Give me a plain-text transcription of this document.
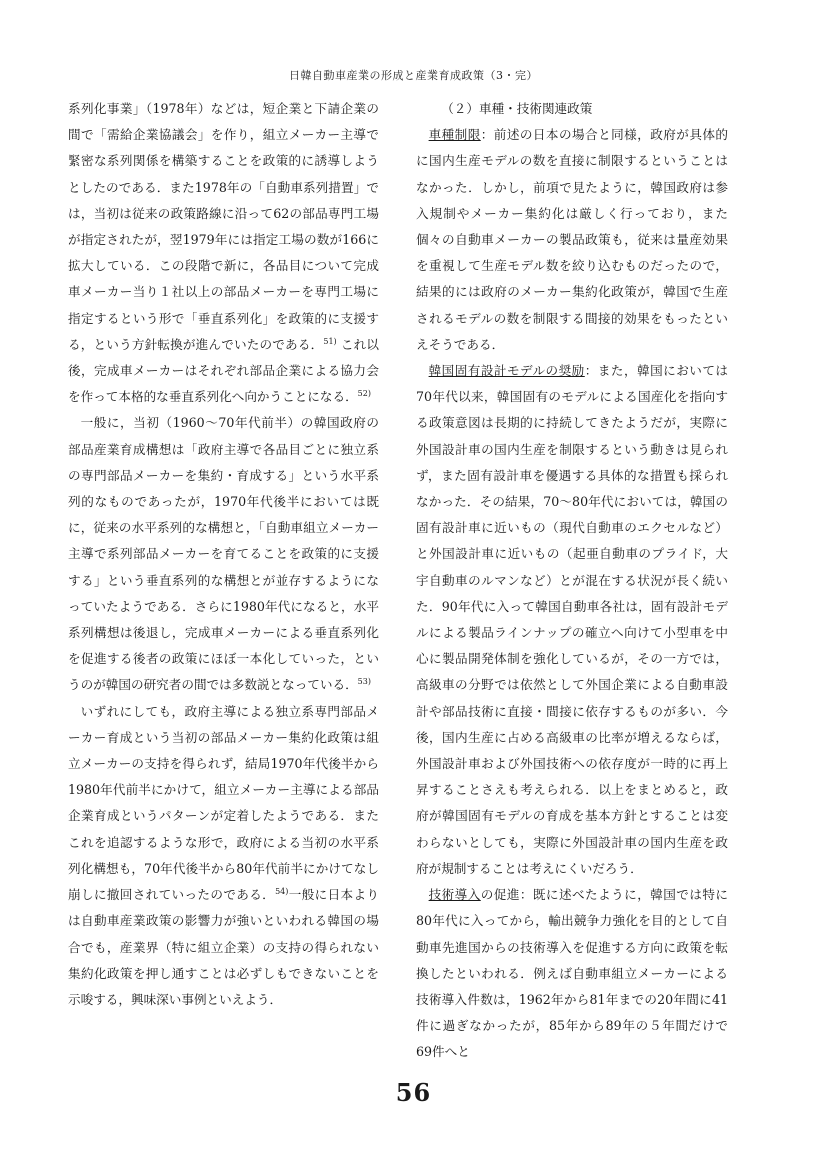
日韓自動車産業の形成と産業育成政策（3・完）

系列化事業」（1978年）などは，短企業と下請企業の間で「需給企業協議会」を作り，組立メーカー主導で緊密な系列関係を構築することを政策的に誘導しようとしたのである．また1978年の「自動車系列措置」では，当初は従来の政策路線に沿って62の部品専門工場が指定されたが，翌1979年には指定工場の数が166に拡大している．この段階で新に，各品目について完成車メーカー当り１社以上の部品メーカーを専門工場に指定するという形で「垂直系列化」を政策的に支援する，という方針転換が進んでいたのである．$^{51)}$ これ以後，完成車メーカーはそれぞれ部品企業による協力会を作って本格的な垂直系列化へ向かうことになる．$^{52)}$

一般に，当初（1960〜70年代前半）の韓国政府の部品産業育成構想は「政府主導で各品目ごとに独立系の専門部品メーカーを集約・育成する」という水平系列的なものであったが，1970年代後半においては既に，従来の水平系列的な構想と，「自動車組立メーカー主導で系列部品メーカーを育てることを政策的に支援する」という垂直系列的な構想とが並存するようになっていたようである．さらに1980年代になると，水平系列構想は後退し，完成車メーカーによる垂直系列化を促進する後者の政策にほぼ一本化していった，というのが韓国の研究者の間では多数説となっている．$^{53)}$

いずれにしても，政府主導による独立系専門部品メーカー育成という当初の部品メーカー集約化政策は組立メーカーの支持を得られず，結局1970年代後半から1980年代前半にかけて，組立メーカー主導による部品企業育成というパターンが定着したようである．またこれを追認するような形で，政府による当初の水平系列化構想も，70年代後半から80年代前半にかけてなし崩しに撤回されていったのである．$^{54)}$一般に日本よりは自動車産業政策の影響力が強いといわれる韓国の場合でも，産業界（特に組立企業）の支持の得られない集約化政策を押し通すことは必ずしもできないことを示唆する，興味深い事例といえよう．

（２）車種・技術関連政策

車種制限：前述の日本の場合と同様，政府が具体的に国内生産モデルの数を直接に制限するということはなかった．しかし，前項で見たように，韓国政府は参入規制やメーカー集約化は厳しく行っており，また個々の自動車メーカーの製品政策も，従来は量産効果を重視して生産モデル数を絞り込むものだったので，結果的には政府のメーカー集約化政策が，韓国で生産されるモデルの数を制限する間接的効果をもったといえそうである．

韓国固有設計モデルの奨励：また，韓国においては70年代以来，韓国固有のモデルによる国産化を指向する政策意図は長期的に持続してきたようだが，実際に外国設計車の国内生産を制限するという動きは見られず，また固有設計車を優遇する具体的な措置も採られなかった．その結果，70〜80年代においては，韓国の固有設計車に近いもの（現代自動車のエクセルなど）と外国設計車に近いもの（起亜自動車のプライド，大宇自動車のルマンなど）とが混在する状況が長く続いた．90年代に入って韓国自動車各社は，固有設計モデルによる製品ラインナップの確立へ向けて小型車を中心に製品開発体制を強化しているが，その一方では，高級車の分野では依然として外国企業による自動車設計や部品技術に直接・間接に依存するものが多い．今後，国内生産に占める高級車の比率が増えるならば，外国設計車および外国技術への依存度が一時的に再上昇することさえも考えられる．以上をまとめると，政府が韓国固有モデルの育成を基本方針とすることは変わらないとしても，実際に外国設計車の国内生産を政府が規制することは考えにくいだろう．

技術導入の促進：既に述べたように，韓国では特に80年代に入ってから，輸出競争力強化を目的として自動車先進国からの技術導入を促進する方向に政策を転換したといわれる．例えば自動車組立メーカーによる技術導入件数は，1962年から81年までの20年間に41件に過ぎなかったが，85年から89年の５年間だけで69件へと

56
